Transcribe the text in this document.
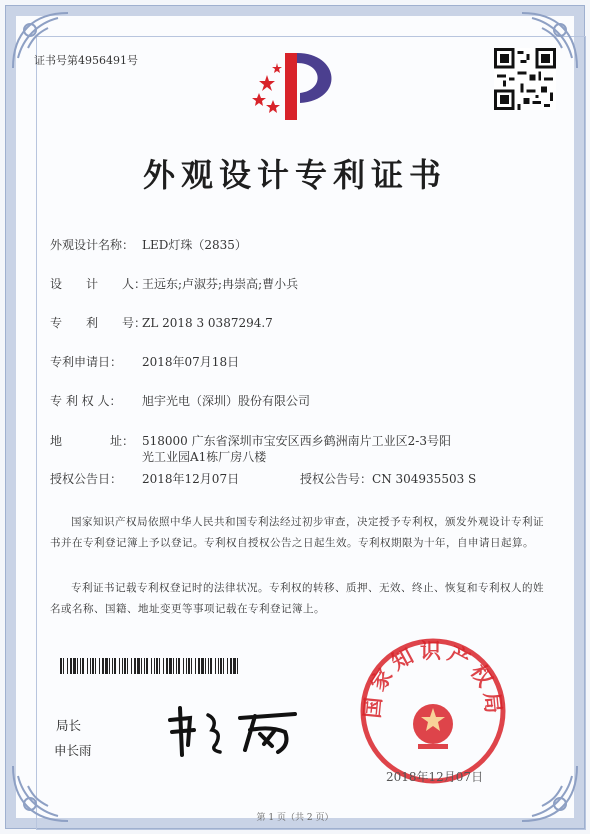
证书号第4956491号
外观设计专利证书
外观设计名称： LED灯珠（2835）
设　　计　　人：王远东;卢淑芬;冉崇高;曹小兵
专　　利　　号：ZL 2018 3 0387294.7
专利申请日： 2018年07月18日
专 利 权 人： 旭宇光电（深圳）股份有限公司
地　　　　址： 518000 广东省深圳市宝安区西乡鹤洲南片工业区2-3号阳
光工业园A1栋厂房八楼
授权公告日： 2018年12月07日	授权公告号：CN 304935503 S
国家知识产权局依照中华人民共和国专利法经过初步审查，决定授予专利权，颁发外观设计专利证书并在专利登记簿上予以登记。专利权自授权公告之日起生效。专利权期限为十年，自申请日起算。
专利证书记载专利权登记时的法律状况。专利权的转移、质押、无效、终止、恢复和专利权人的姓名或名称、国籍、地址变更等事项记载在专利登记簿上。
局长
申长雨
国家知识产权局
2018年12月07日
第 1 页（共 2 页）
